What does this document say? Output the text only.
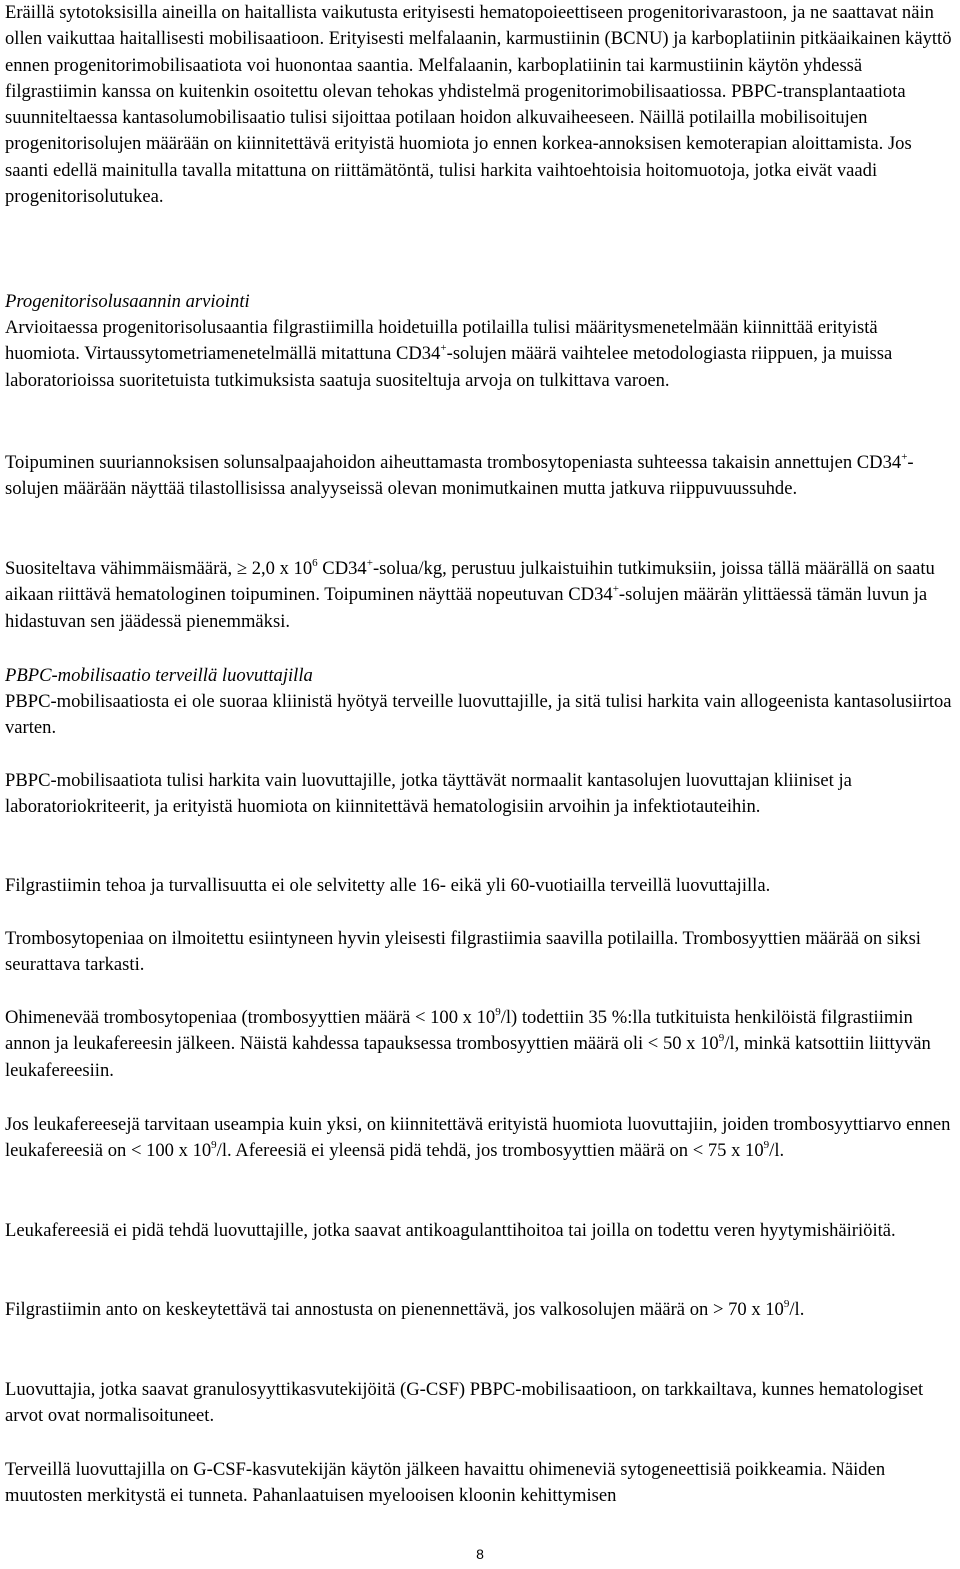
Eräillä sytotoksisilla aineilla on haitallista vaikutusta erityisesti hematopoieettiseen progenitorivarastoon, ja ne saattavat näin ollen vaikuttaa haitallisesti mobilisaatioon. Erityisesti melfalaanin, karmustiinin (BCNU) ja karboplatiinin pitkäaikainen käyttö ennen progenitorimobilisaatiota voi huonontaa saantia. Melfalaanin, karboplatiinin tai karmustiinin käytön yhdessä filgrastiimin kanssa on kuitenkin osoitettu olevan tehokas yhdistelmä progenitorimobilisaatiossa. PBPC-transplantaatiota suunniteltaessa kantasolumobilisaatio tulisi sijoittaa potilaan hoidon alkuvaiheeseen. Näillä potilailla mobilisoitujen progenitorisolujen määrään on kiinnitettävä erityistä huomiota jo ennen korkea-annoksisen kemoterapian aloittamista. Jos saanti edellä mainitulla tavalla mitattuna on riittämätöntä, tulisi harkita vaihtoehtoisia hoitomuotoja, jotka eivät vaadi progenitorisolutukea.

Progenitorisolusaannin arviointi

Arvioitaessa progenitorisolusaantia filgrastiimilla hoidetuilla potilailla tulisi määritysmenetelmään kiinnittää erityistä huomiota. Virtaussytometriamenetelmällä mitattuna CD34+-solujen määrä vaihtelee metodologiasta riippuen, ja muissa laboratorioissa suoritetuista tutkimuksista saatuja suositeltuja arvoja on tulkittava varoen.

Toipuminen suuriannoksisen solunsalpaajahoidon aiheuttamasta trombosytopeniasta suhteessa takaisin annettujen CD34+-solujen määrään näyttää tilastollisissa analyyseissä olevan monimutkainen mutta jatkuva riippuvuussuhde.

Suositeltava vähimmäismäärä, ≥ 2,0 x $10^6$ CD34+-solua/kg, perustuu julkaistuihin tutkimuksiin, joissa tällä määrällä on saatu aikaan riittävä hematologinen toipuminen. Toipuminen näyttää nopeutuvan CD34+-solujen määrän ylittäessä tämän luvun ja hidastuvan sen jäädessä pienemmäksi.

PBPC-mobilisaatio terveillä luovuttajilla

PBPC-mobilisaatiosta ei ole suoraa kliinistä hyötyä terveille luovuttajille, ja sitä tulisi harkita vain allogeenista kantasolusiirtoa varten.

PBPC-mobilisaatiota tulisi harkita vain luovuttajille, jotka täyttävät normaalit kantasolujen luovuttajan kliiniset ja laboratoriokriteerit, ja erityistä huomiota on kiinnitettävä hematologisiin arvoihin ja infektiotauteihin.

Filgrastiimin tehoa ja turvallisuutta ei ole selvitetty alle 16- eikä yli 60-vuotiailla terveillä luovuttajilla.

Trombosytopeniaa on ilmoitettu esiintyneen hyvin yleisesti filgrastiimia saavilla potilailla. Trombosyyttien määrää on siksi seurattava tarkasti.

Ohimenevää trombosytopeniaa (trombosyyttien määrä < 100 x $10^9/l$) todettiin 35 %:lla tutkituista henkilöistä filgrastiimin annon ja leukafereesin jälkeen. Näistä kahdessa tapauksessa trombosyyttien määrä oli < 50 x $10^9/l$, minkä katsottiin liittyvän leukafereesiin.

Jos leukafereesejä tarvitaan useampia kuin yksi, on kiinnitettävä erityistä huomiota luovuttajiin, joiden trombosyyttiarvo ennen leukafereesiä on < 100 x $10^9/l$. Afereesiä ei yleensä pidä tehdä, jos trombosyyttien määrä on < 75 x $10^9/l$.

Leukafereesiä ei pidä tehdä luovuttajille, jotka saavat antikoagulanttihoitoa tai joilla on todettu veren hyytymishäiriöitä.

Filgrastiimin anto on keskeytettävä tai annostusta on pienennettävä, jos valkosolujen määrä on > 70 x $10^9/l$.

Luovuttajia, jotka saavat granulosyyttikasvutekijöitä (G-CSF) PBPC-mobilisaatioon, on tarkkailtava, kunnes hematologiset arvot ovat normalisoituneet.

Terveillä luovuttajilla on G-CSF-kasvutekijän käytön jälkeen havaittu ohimeneviä sytogeneettisiä poikkeamia. Näiden muutosten merkitystä ei tunneta. Pahanlaatuisen myelooisen kloonin kehittymisen

8
